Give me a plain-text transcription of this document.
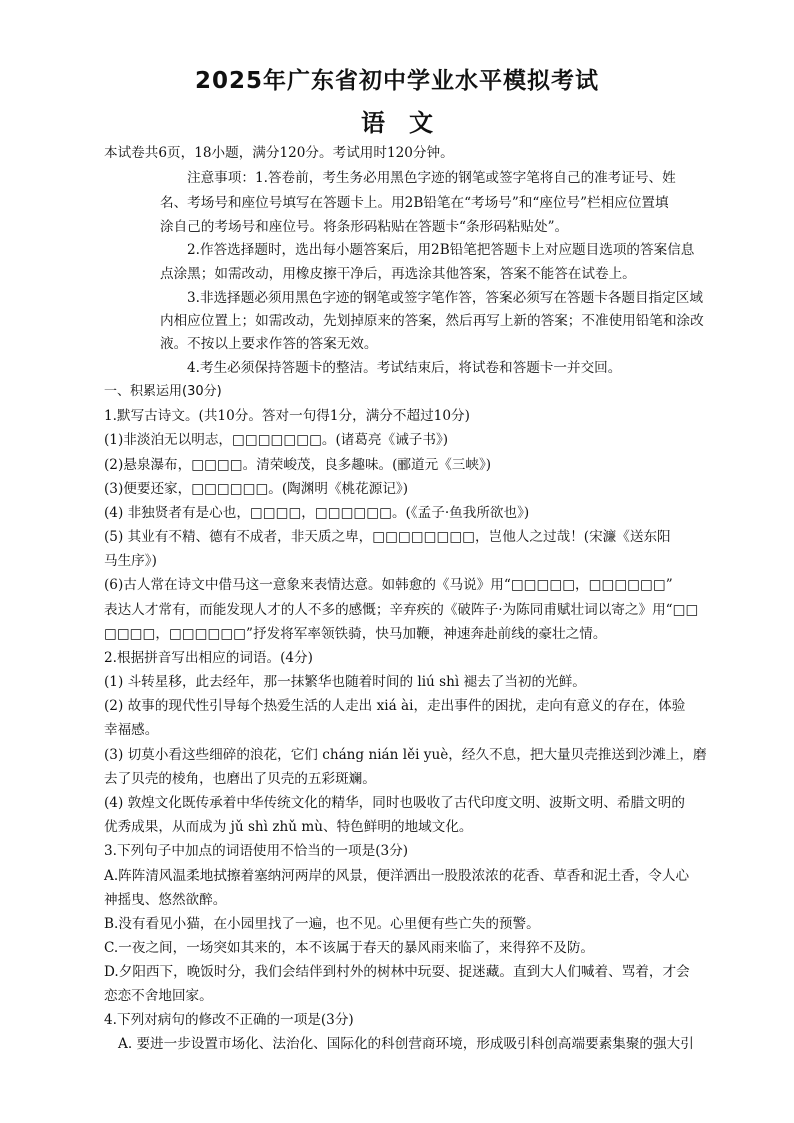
2025年广东省初中学业水平模拟考试
语　文
本试卷共6页，18小题，满分120分。考试用时120分钟。
注意事项：1.答卷前，考生务必用黑色字迹的钢笔或签字笔将自己的准考证号、姓
名、考场号和座位号填写在答题卡上。用2B铅笔在“考场号”和“座位号”栏相应位置填
涂自己的考场号和座位号。将条形码粘贴在答题卡“条形码粘贴处”。
2.作答选择题时，选出每小题答案后，用2B铅笔把答题卡上对应题目选项的答案信息
点涂黑；如需改动，用橡皮擦干净后，再选涂其他答案，答案不能答在试卷上。
3.非选择题必须用黑色字迹的钢笔或签字笔作答，答案必须写在答题卡各题目指定区域
内相应位置上；如需改动，先划掉原来的答案，然后再写上新的答案；不准使用铅笔和涂改
液。不按以上要求作答的答案无效。
4.考生必须保持答题卡的整洁。考试结束后，将试卷和答题卡一并交回。
一、积累运用(30分)
1.默写古诗文。(共10分。答对一句得1分，满分不超过10分)
(1)非淡泊无以明志，□□□□□□□。(诸葛亮《诫子书》)
(2)悬泉瀑布，□□□□。清荣峻茂，良多趣味。(郦道元《三峡》)
(3)便要还家，□□□□□□。(陶渊明《桃花源记》)
(4) 非独贤者有是心也，□□□□，□□□□□□。(《孟子·鱼我所欲也》)
(5) 其业有不精、德有不成者，非天质之卑，□□□□□□□□，岂他人之过哉！(宋濂《送东阳
马生序》)
(6)古人常在诗文中借马这一意象来表情达意。如韩愈的《马说》用“□□□□□，□□□□□□”
表达人才常有，而能发现人才的人不多的感慨；辛弃疾的《破阵子·为陈同甫赋壮词以寄之》用“□□
□□□□，□□□□□□”抒发将军率领铁骑，快马加鞭，神速奔赴前线的豪壮之情。
2.根据拼音写出相应的词语。(4分)
(1) 斗转星移，此去经年，那一抹繁华也随着时间的 liú shì 褪去了当初的光鲜。
(2) 故事的现代性引导每个热爱生活的人走出 xiá ài，走出事件的困扰，走向有意义的存在，体验
幸福感。
(3) 切莫小看这些细碎的浪花，它们 cháng nián lěi yuè，经久不息，把大量贝壳推送到沙滩上，磨
去了贝壳的棱角，也磨出了贝壳的五彩斑斓。
(4) 敦煌文化既传承着中华传统文化的精华，同时也吸收了古代印度文明、波斯文明、希腊文明的
优秀成果，从而成为 jǔ shì zhǔ mù、特色鲜明的地域文化。
3.下列句子中加点的词语使用不恰当的一项是(3分)
A.阵阵清风温柔地拭擦着塞纳河两岸的风景，便洋洒出一股股浓浓的花香、草香和泥土香，令人心
神摇曳、悠然欲醉。
B.没有看见小猫，在小园里找了一遍，也不见。心里便有些亡失的预警。
C.一夜之间，一场突如其来的，本不该属于春天的暴风雨来临了，来得猝不及防。
D.夕阳西下，晚饭时分，我们会结伴到村外的树林中玩耍、捉迷藏。直到大人们喊着、骂着，才会
恋恋不舍地回家。
4.下列对病句的修改不正确的一项是(3分)
A. 要进一步设置市场化、法治化、国际化的科创营商环境，形成吸引科创高端要素集聚的强大引
